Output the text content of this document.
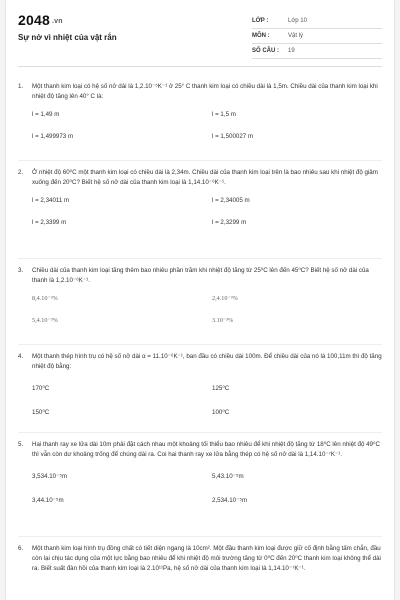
2048 .vn
Sự nở vì nhiệt của vật rắn
LỚP :	Lớp 10
MÔN :	Vật lý
SỐ CÂU :	19
1.	Một thanh kim loại có hệ số nở dài là 1,2.10⁻⁵K⁻¹ ở 25° C thanh kim loại có chiều dài là 1,5m. Chiều dài của thanh kim loại khi nhiệt độ tăng lên 40° C là:
l = 1,49 m	l = 1,5 m
l = 1,499973 m	l = 1,500027 m
2.	Ở nhiệt độ 60⁰C một thanh kim loại có chiều dài là 2,34m. Chiều dài của thanh kim loại trên là bao nhiêu sau khi nhiệt độ giảm xuống đến 20⁰C? Biết hệ số nở dài của thanh kim loại là 1,14.10⁻⁶K⁻¹.
l = 2,34011 m	l = 2,34005 m
l = 2,3399 m	l = 2,3299 m
3.	Chiều dài của thanh kim loại tăng thêm bao nhiêu phần trăm khi nhiệt độ tăng từ 25⁰C lên đến 45⁰C? Biết hệ số nở dài của thanh là 1,2.10⁻⁶K⁻¹.
8,4.10⁻³%	2,4.10⁻³%
5,4.10⁻³%	3.10⁻³%
4.	Một thanh thép hình trụ có hệ số nở dài α = 11.10⁻⁶K⁻¹, ban đầu có chiều dài 100m. Để chiều dài của nó là 100,11m thì độ tăng nhiệt độ bằng:
170⁰C	125⁰C
150⁰C	100⁰C
5.	Hai thanh ray xe lửa dài 10m phải đặt cách nhau một khoảng tối thiểu bao nhiêu để khi nhiệt độ tăng từ 18⁰C lên nhiệt độ 49⁰C thì vẫn còn dư khoảng trống để chúng dài ra. Coi hai thanh ray xe lửa bằng thép có hệ số nở dài là 1,14.10⁻⁷K⁻¹.
3,534.10⁻⁵m	5,43.10⁻⁵m
3,44.10⁻⁵m	2,534.10⁻⁵m
6.	Một thanh kim loại hình trụ đồng chất có tiết diện ngang là 10cm². Một đầu thanh kim loại được giữ cố định bằng tấm chắn, đầu còn lại chịu tác dụng của một lực bằng bao nhiêu để khi nhiệt độ môi trường tăng từ 0⁰C đến 20⁰C thanh kim loại không thể dài ra. Biết suất đàn hồi của thanh kim loại là 2.10¹¹Pa, hệ số nở dài của thanh kim loại là 1,14.10⁻⁷K⁻¹.
